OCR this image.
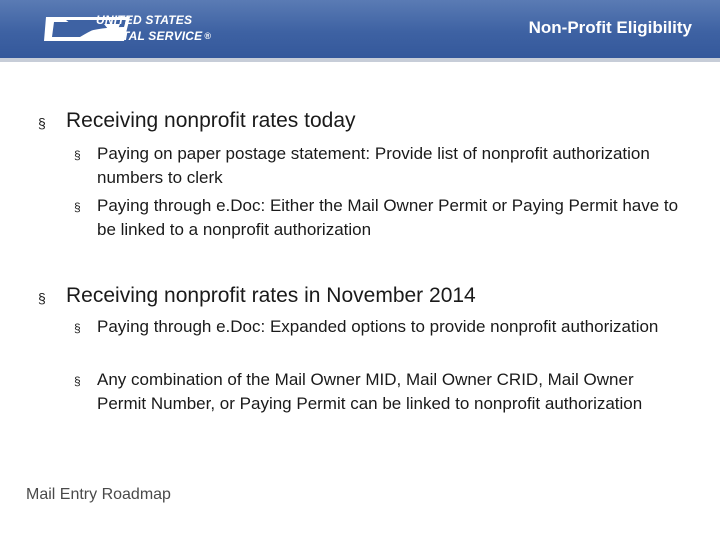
UNITED STATES
POSTAL SERVICE ®	Non-Profit Eligibility
§ Receiving nonprofit rates today
§ Paying on paper postage statement: Provide list of nonprofit authorization numbers to clerk
§ Paying through e.Doc: Either the Mail Owner Permit or Paying Permit have to be linked to a nonprofit authorization
§ Receiving nonprofit rates in November 2014
§ Paying through e.Doc: Expanded options to provide nonprofit authorization
§ Any combination of the Mail Owner MID, Mail Owner CRID, Mail Owner Permit Number, or Paying Permit can be linked to nonprofit authorization
Mail Entry Roadmap
